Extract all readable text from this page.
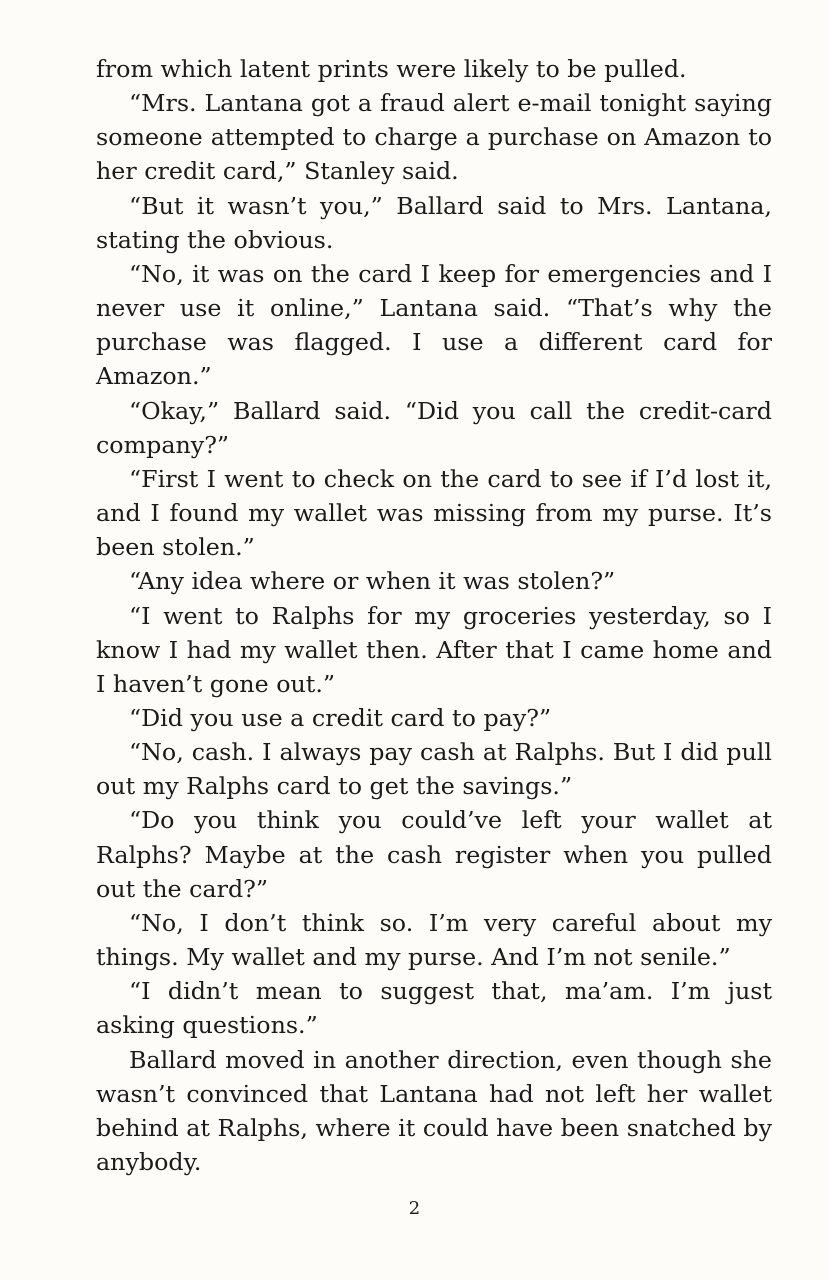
from which latent prints were likely to be pulled.

“Mrs. Lantana got a fraud alert e-mail tonight saying someone attempted to charge a purchase on Amazon to her credit card,” Stanley said.

“But it wasn’t you,” Ballard said to Mrs. Lantana, stating the obvious.

“No, it was on the card I keep for emergencies and I never use it online,” Lantana said. “That’s why the purchase was flagged. I use a different card for Amazon.”

“Okay,” Ballard said. “Did you call the credit-card company?”

“First I went to check on the card to see if I’d lost it, and I found my wallet was missing from my purse. It’s been stolen.”

“Any idea where or when it was stolen?”

“I went to Ralphs for my groceries yesterday, so I know I had my wallet then. After that I came home and I haven’t gone out.”

“Did you use a credit card to pay?”

“No, cash. I always pay cash at Ralphs. But I did pull out my Ralphs card to get the savings.”

“Do you think you could’ve left your wallet at Ralphs? Maybe at the cash register when you pulled out the card?”

“No, I don’t think so. I’m very careful about my things. My wallet and my purse. And I’m not senile.”

“I didn’t mean to suggest that, ma’am. I’m just asking questions.”

Ballard moved in another direction, even though she wasn’t convinced that Lantana had not left her wallet behind at Ralphs, where it could have been snatched by anybody.

2
